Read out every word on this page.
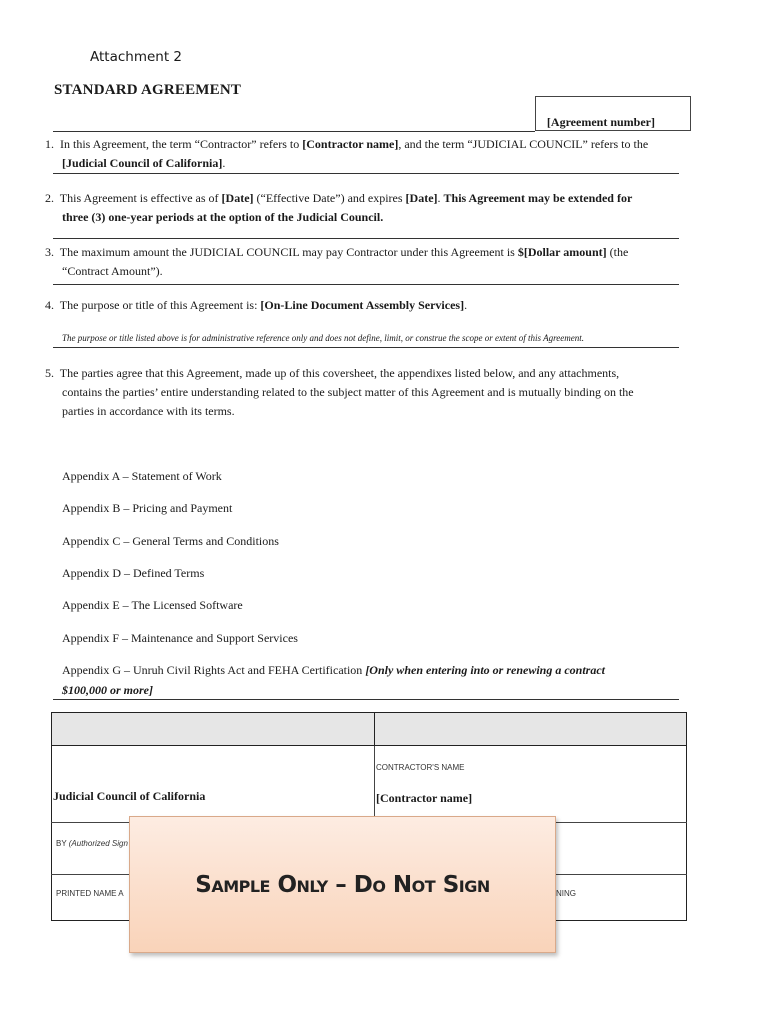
Attachment 2
STANDARD AGREEMENT
[Agreement number]
1. In this Agreement, the term “Contractor” refers to [Contractor name], and the term “JUDICIAL COUNCIL” refers to the
[Judicial Council of California].
2. This Agreement is effective as of [Date] (“Effective Date”) and expires [Date]. This Agreement may be extended for
three (3) one-year periods at the option of the Judicial Council.
3. The maximum amount the JUDICIAL COUNCIL may pay Contractor under this Agreement is $[Dollar amount] (the
“Contract Amount”).
4. The purpose or title of this Agreement is: [On-Line Document Assembly Services].
The purpose or title listed above is for administrative reference only and does not define, limit, or construe the scope or extent of this Agreement.
5. The parties agree that this Agreement, made up of this coversheet, the appendixes listed below, and any attachments,
contains the parties’ entire understanding related to the subject matter of this Agreement and is mutually binding on the
parties in accordance with its terms.
Appendix A – Statement of Work
Appendix B – Pricing and Payment
Appendix C – General Terms and Conditions
Appendix D – Defined Terms
Appendix E – The Licensed Software
Appendix F – Maintenance and Support Services
Appendix G – Unruh Civil Rights Act and FEHA Certification [Only when entering into or renewing a contract
$100,000 or more]
CONTRACTOR'S NAME
Judicial Council of California	[Contractor name]
BY (Authorized Sign
PRINTED NAME A	NING
Sample Only – Do Not Sign
